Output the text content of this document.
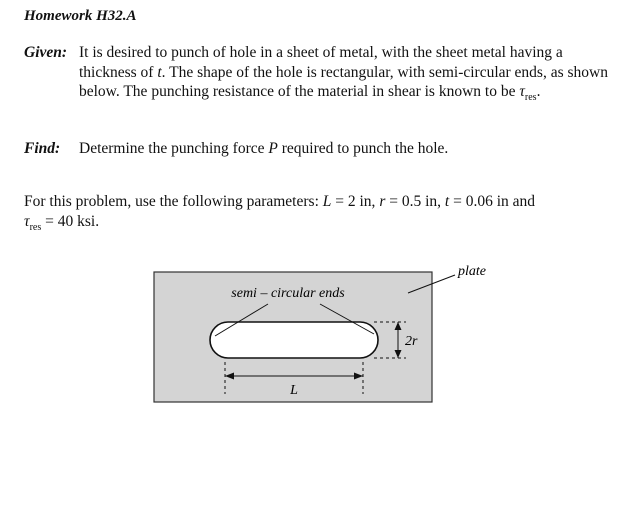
Homework H32.A
Given: It is desired to punch of hole in a sheet of metal, with the sheet metal having a thickness of t. The shape of the hole is rectangular, with semi-circular ends, as shown below. The punching resistance of the material in shear is known to be $\tau_{res}$.
Find: Determine the punching force P required to punch the hole.
For this problem, use the following parameters: L = 2 in, r = 0.5 in, t = 0.06 in and
$\tau_{res} = 40$ ksi.
semi – circular ends
plate
L
2r
